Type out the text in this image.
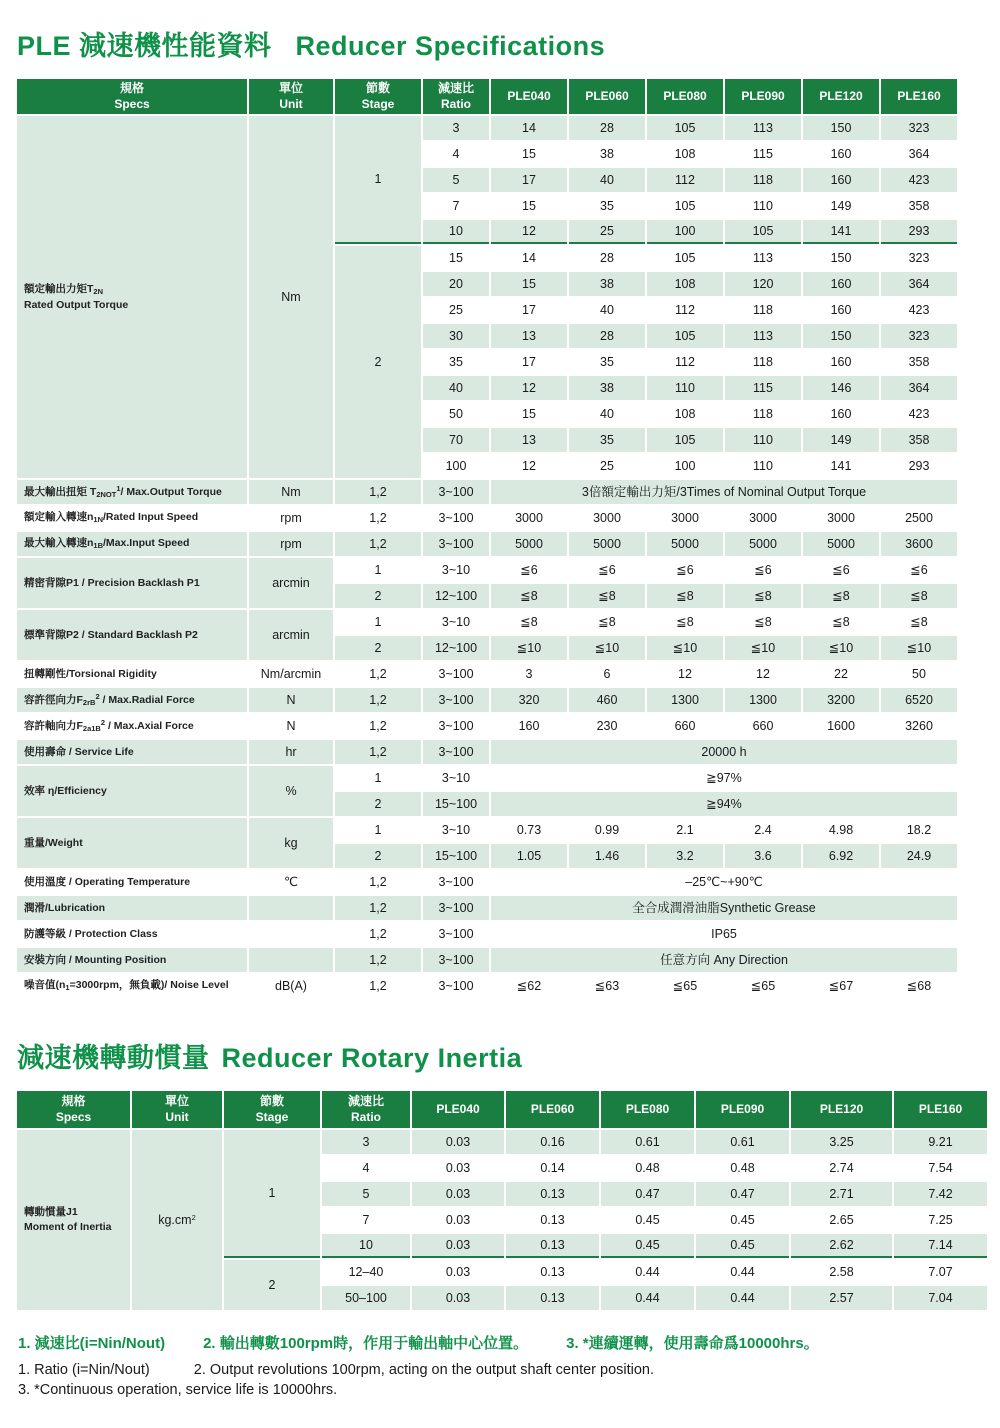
PLE 減速機性能資料 Reducer Specifications
規格
Specs	單位
Unit	節數
Stage	減速比
Ratio	PLE040	PLE060	PLE080	PLE090	PLE120	PLE160
額定輸出力矩$T_{2N}$
Rated Output Torque	Nm	1	3	14	28	105	113	150	323
			4	15	38	108	115	160	364
			5	17	40	112	118	160	423
			7	15	35	105	110	149	358
			10	12	25	100	105	141	293
		2	15	14	28	105	113	150	323
			20	15	38	108	120	160	364
			25	17	40	112	118	160	423
			30	13	28	105	113	150	323
			35	17	35	112	118	160	358
			40	12	38	110	115	146	364
			50	15	40	108	118	160	423
			70	13	35	105	110	149	358
			100	12	25	100	110	141	293
最大輸出扭矩 $T_{2NOT}^1/$ Max.Output Torque	Nm	1,2	3~100	3倍額定輸出力矩/3Times of Nominal Output Torque					
額定輸入轉速$n_{1N}$/Rated Input Speed	rpm	1,2	3~100	3000	3000	3000	3000	3000	2500
最大輸入轉速$n_{1B}/Max.Input$ Speed	rpm	1,2	3~100	5000	5000	5000	5000	5000	3600
精密背隙P1 / Precision Backlash P1	arcmin	1	3~10	≦6	≦6	≦6	≦6	≦6	≦6
		2	12~100	≦8	≦8	≦8	≦8	≦8	≦8
標準背隙P2 / Standard Backlash P2	arcmin	1	3~10	≦8	≦8	≦8	≦8	≦8	≦8
		2	12~100	≦10	≦10	≦10	≦10	≦10	≦10
扭轉剛性/Torsional Rigidity	Nm/arcmin	1,2	3~100	3	6	12	12	22	50
容許徑向力$F_{2rB}^2$ / Max.Radial Force	N	1,2	3~100	320	460	1300	1300	3200	6520
容許軸向力$F_{2a1B}^2$ / Max.Axial Force	N	1,2	3~100	160	230	660	660	1600	3260
使用壽命 / Service Life	hr	1,2	3~100	20000 h					
效率 η/Efficiency	%	1	3~10	≧97%					
		2	15~100	≧94%					
重量/Weight	kg	1	3~10	0.73	0.99	2.1	2.4	4.98	18.2
		2	15~100	1.05	1.46	3.2	3.6	6.92	24.9
使用溫度 / Operating Temperature	℃	1,2	3~100	–25℃~+90℃					
潤滑/Lubrication		1,2	3~100	全合成潤滑油脂Synthetic Grease					
防護等級 / Protection Class		1,2	3~100	IP65					
安裝方向 / Mounting Position		1,2	3~100	任意方向 Any Direction					
噪音值($n_1=3000rpm$，無負載)/ Noise Level	dB(A)	1,2	3~100	≦62	≦63	≦65	≦65	≦67	≦68
減速機轉動慣量 Reducer Rotary Inertia
規格
Specs	單位
Unit	節數
Stage	減速比
Ratio	PLE040	PLE060	PLE080	PLE090	PLE120	PLE160
轉動慣量J1
Moment of Inertia	$kg.cm^2$	1	3	0.03	0.16	0.61	0.61	3.25	9.21
			4	0.03	0.14	0.48	0.48	2.74	7.54
			5	0.03	0.13	0.47	0.47	2.71	7.42
			7	0.03	0.13	0.45	0.45	2.65	7.25
			10	0.03	0.13	0.45	0.45	2.62	7.14
		2	12–40	0.03	0.13	0.44	0.44	2.58	7.07
			50–100	0.03	0.13	0.44	0.44	2.57	7.04
1. 減速比(i=Nin/Nout)	2. 輸出轉數100rpm時，作用于輸出軸中心位置。	3. *連續運轉，使用壽命爲10000hrs。
1. Ratio (i=Nin/Nout)	2. Output revolutions 100rpm, acting on the output shaft center position.
3. *Continuous operation, service life is 10000hrs.
